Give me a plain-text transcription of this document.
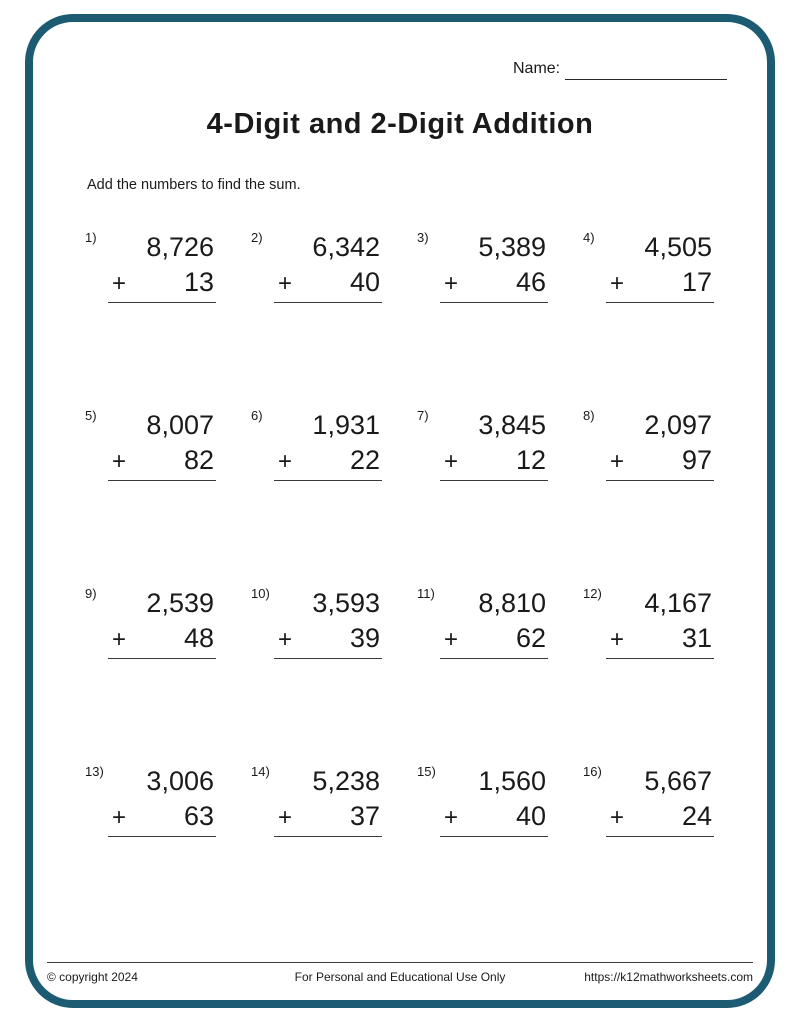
Name:
4-Digit and 2-Digit Addition

Add the numbers to find the sum.

1)	8,726
+ 13
2)	6,342
+ 40
3)	5,389
+ 46
4)	4,505
+ 17
5)	8,007
+ 82
6)	1,931
+ 22
7)	3,845
+ 12
8)	2,097
+ 97
9)	2,539
+ 48
10)	3,593
+ 39
11)	8,810
+ 62
12)	4,167
+ 31
13)	3,006
+ 63
14)	5,238
+ 37
15)	1,560
+ 40
16)	5,667
+ 24
© copyright 2024	For Personal and Educational Use Only	https://k12mathworksheets.com
